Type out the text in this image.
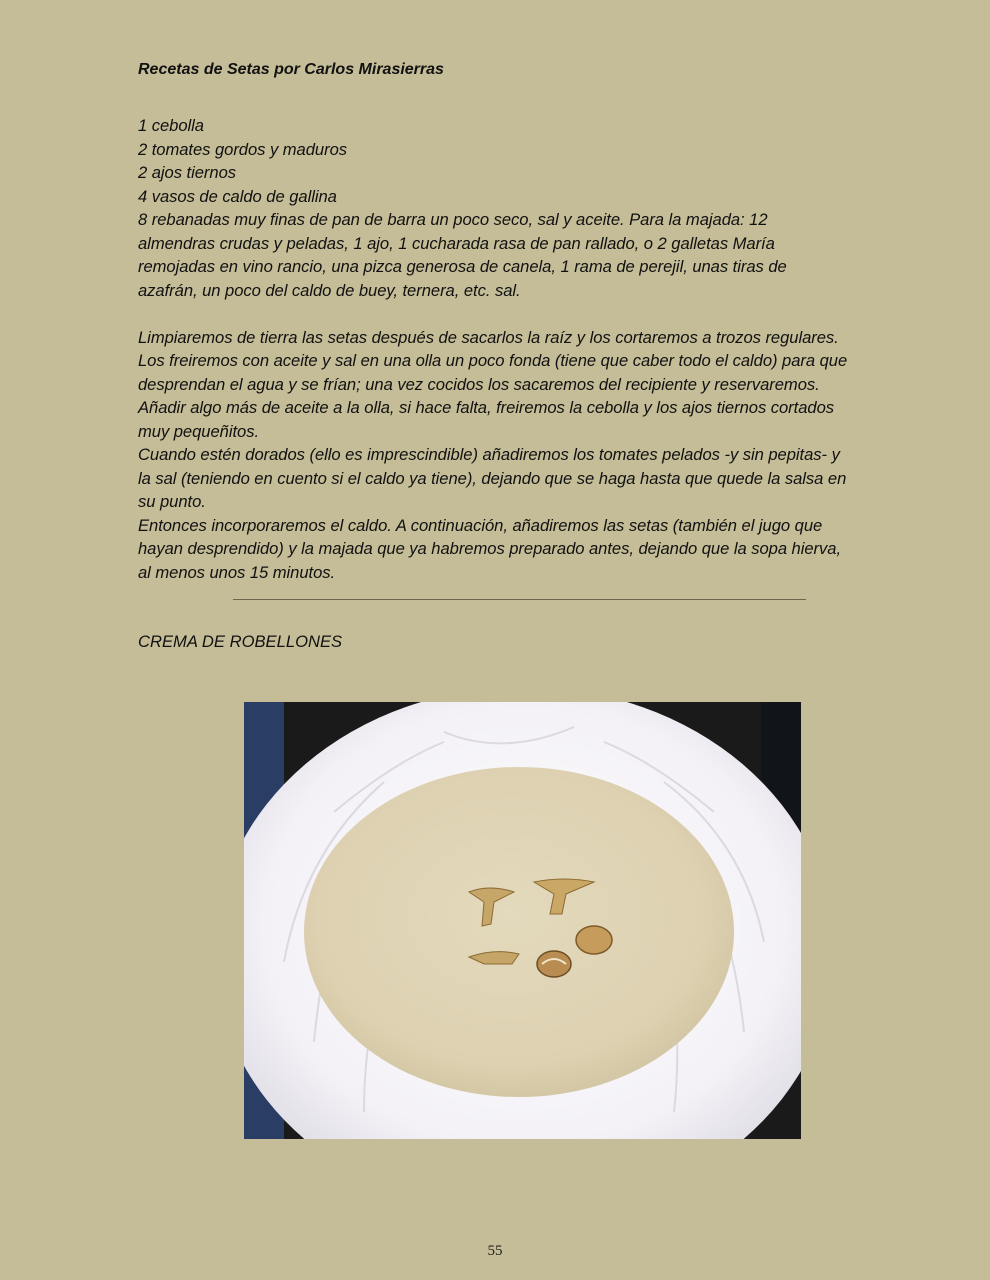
Recetas de Setas por Carlos Mirasierras
1 cebolla
2 tomates gordos y maduros
2 ajos tiernos
4 vasos de caldo de gallina
8 rebanadas muy finas de pan de barra un poco seco, sal y aceite. Para la majada: 12
almendras crudas y peladas, 1 ajo, 1 cucharada rasa de pan rallado, o 2 galletas María
remojadas en vino rancio, una pizca generosa de canela, 1 rama de perejil, unas tiras de
azafrán, un poco del caldo de buey, ternera, etc. sal.
Limpiaremos de tierra las setas después de sacarlos la raíz y los cortaremos a trozos regulares.
Los freiremos con aceite y sal en una olla un poco fonda (tiene que caber todo el caldo) para que
desprendan el agua y se frían; una vez cocidos los sacaremos del recipiente y reservaremos.
Añadir algo más de aceite a la olla, si hace falta, freiremos la cebolla y los ajos tiernos cortados
muy pequeñitos.
Cuando estén dorados (ello es imprescindible) añadiremos los tomates pelados -y sin pepitas- y
la sal (teniendo en cuento si el caldo ya tiene), dejando que se haga hasta que quede la salsa en
su punto.
Entonces incorporaremos el caldo. A continuación, añadiremos las setas (también el jugo que
hayan desprendido) y la majada que ya habremos preparado antes, dejando que la sopa hierva,
al menos unos 15 minutos.
CREMA DE ROBELLONES
55
